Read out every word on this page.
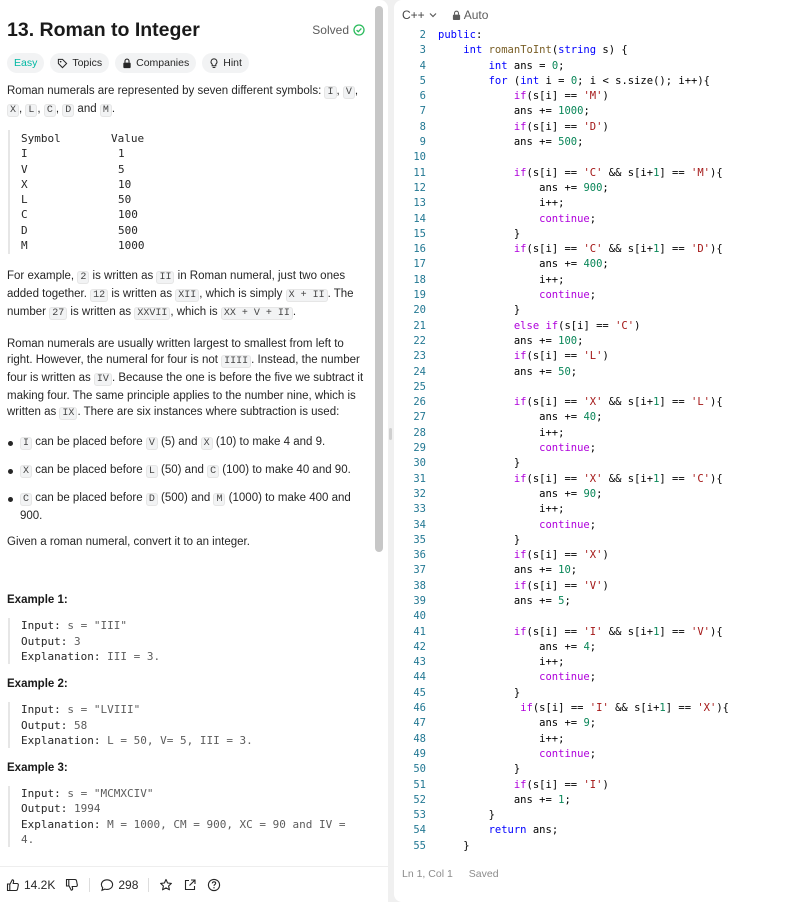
13. Roman to Integer	Solved
Easy	Topics	Companies	Hint

Roman numerals are represented by seven different symbols: I , V , X , L , C , D and M .

Symbol	Value
I	1
V	5
X	10
L	50
C	100
D	500
M	1000

For example, 2 is written as II in Roman numeral, just two ones added together. 12 is written as XII , which is simply X + II . The number 27 is written as XXVII , which is XX + V + II .

Roman numerals are usually written largest to smallest from left to right. However, the numeral for four is not IIII . Instead, the number four is written as IV . Because the one is before the five we subtract it making four. The same principle applies to the number nine, which is written as IX . There are six instances where subtraction is used:

I can be placed before V (5) and X (10) to make 4 and 9.
X can be placed before L (50) and C (100) to make 40 and 90.
C can be placed before D (500) and M (1000) to make 400 and 900.

Given a roman numeral, convert it to an integer.

Example 1:
Input: s = "III"
Output: 3
Explanation: III = 3.
Example 2:
Input: s = "LVIII"
Output: 58
Explanation: L = 50, V= 5, III = 3.
Example 3:
Input: s = "MCMXCIV"
Output: 1994
Explanation: M = 1000, CM = 900, XC = 90 and IV = 4.
14.2K	298
C++	Auto
2	public:
3	int romanToInt(string s) {
4	int ans = 0;
5	for (int i = 0; i < s.size(); i++){
6	if(s[i] == 'M')
7	ans += 1000;
8	if(s[i] == 'D')
9	ans += 500;
10
11	if(s[i] == 'C' && s[i+1] == 'M'){
12	ans += 900;
13	i++;
14	continue;
15	}
16	if(s[i] == 'C' && s[i+1] == 'D'){
17	ans += 400;
18	i++;
19	continue;
20	}
21	else if(s[i] == 'C')
22	ans += 100;
23	if(s[i] == 'L')
24	ans += 50;
25
26	if(s[i] == 'X' && s[i+1] == 'L'){
27	ans += 40;
28	i++;
29	continue;
30	}
31	if(s[i] == 'X' && s[i+1] == 'C'){
32	ans += 90;
33	i++;
34	continue;
35	}
36	if(s[i] == 'X')
37	ans += 10;
38	if(s[i] == 'V')
39	ans += 5;
40
41	if(s[i] == 'I' && s[i+1] == 'V'){
42	ans += 4;
43	i++;
44	continue;
45	}
46	if(s[i] == 'I' && s[i+1] == 'X'){
47	ans += 9;
48	i++;
49	continue;
50	}
51	if(s[i] == 'I')
52	ans += 1;
53	}
54	return ans;
55	}
Ln 1, Col 1 Saved
